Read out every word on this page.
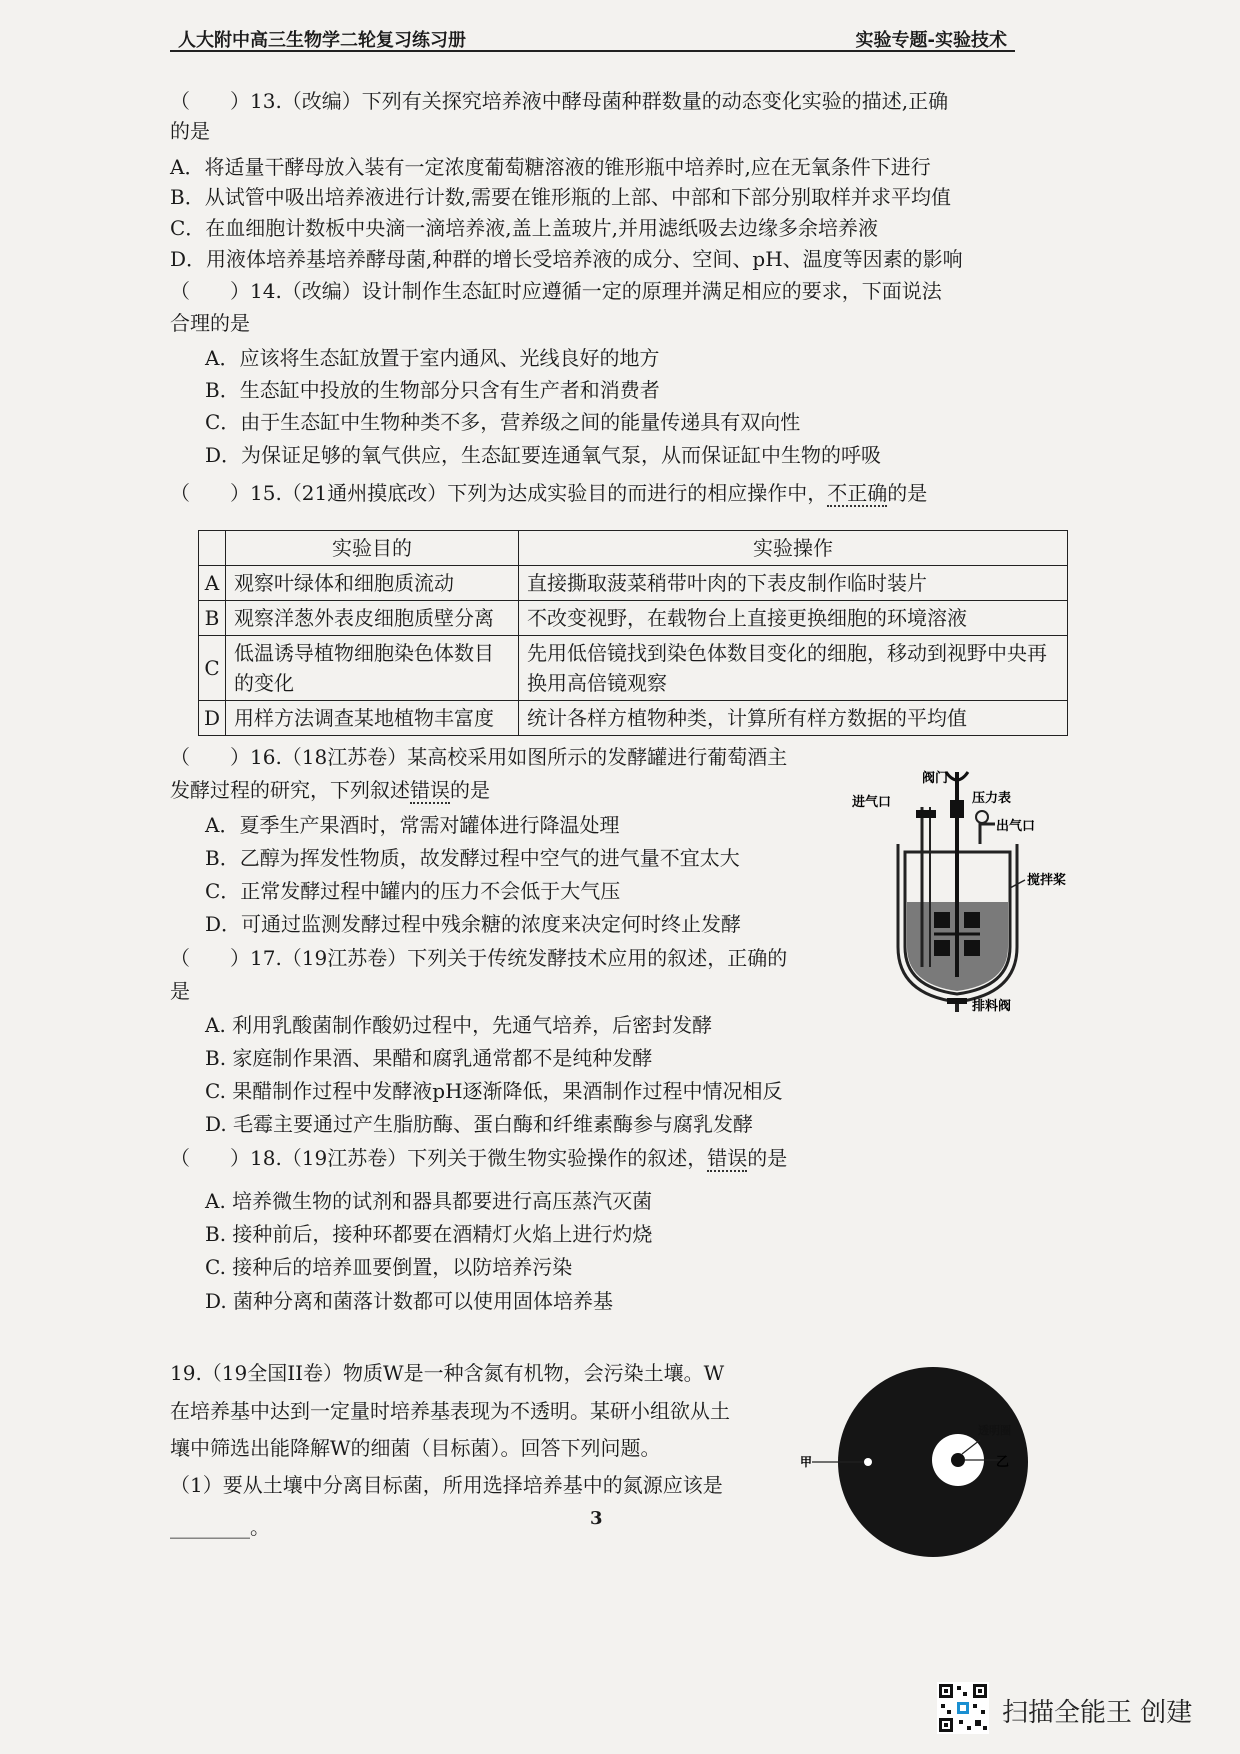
人大附中高三生物学二轮复习练习册	实验专题-实验技术
（　　）13.（改编）下列有关探究培养液中酵母菌种群数量的动态变化实验的描述,正确
的是
A．将适量干酵母放入装有一定浓度葡萄糖溶液的锥形瓶中培养时,应在无氧条件下进行
B．从试管中吸出培养液进行计数,需要在锥形瓶的上部、中部和下部分别取样并求平均值
C．在血细胞计数板中央滴一滴培养液,盖上盖玻片,并用滤纸吸去边缘多余培养液
D．用液体培养基培养酵母菌,种群的增长受培养液的成分、空间、pH、温度等因素的影响
（　　）14.（改编）设计制作生态缸时应遵循一定的原理并满足相应的要求，下面说法
合理的是
A．应该将生态缸放置于室内通风、光线良好的地方
B．生态缸中投放的生物部分只含有生产者和消费者
C．由于生态缸中生物种类不多，营养级之间的能量传递具有双向性
D．为保证足够的氧气供应，生态缸要连通氧气泵，从而保证缸中生物的呼吸
（　　）15.（21通州摸底改）下列为达成实验目的而进行的相应操作中，不正确的是
	实验目的	实验操作
A	观察叶绿体和细胞质流动	直接撕取菠菜稍带叶肉的下表皮制作临时装片
B	观察洋葱外表皮细胞质壁分离	不改变视野，在载物台上直接更换细胞的环境溶液
C	低温诱导植物细胞染色体数目的变化	先用低倍镜找到染色体数目变化的细胞，移动到视野中央再换用高倍镜观察
D	用样方法调查某地植物丰富度	统计各样方植物种类，计算所有样方数据的平均值
（　　）16.（18江苏卷）某高校采用如图所示的发酵罐进行葡萄酒主
发酵过程的研究，下列叙述错误的是
A．夏季生产果酒时，常需对罐体进行降温处理
B．乙醇为挥发性物质，故发酵过程中空气的进气量不宜太大
C．正常发酵过程中罐内的压力不会低于大气压
D．可通过监测发酵过程中残余糖的浓度来决定何时终止发酵
阀门
进气口	压力表
出气口
搅拌桨
排料阀
（　　）17.（19江苏卷）下列关于传统发酵技术应用的叙述，正确的
是
A. 利用乳酸菌制作酸奶过程中，先通气培养，后密封发酵
B. 家庭制作果酒、果醋和腐乳通常都不是纯种发酵
C. 果醋制作过程中发酵液pH逐渐降低，果酒制作过程中情况相反
D. 毛霉主要通过产生脂肪酶、蛋白酶和纤维素酶参与腐乳发酵
（　　）18.（19江苏卷）下列关于微生物实验操作的叙述，错误的是
A. 培养微生物的试剂和器具都要进行高压蒸汽灭菌
B. 接种前后，接种环都要在酒精灯火焰上进行灼烧
C. 接种后的培养皿要倒置，以防培养污染
D. 菌种分离和菌落计数都可以使用固体培养基
19.（19全国II卷）物质W是一种含氮有机物，会污染土壤。W
在培养基中达到一定量时培养基表现为不透明。某研小组欲从土
壤中筛选出能降解W的细菌（目标菌）。回答下列问题。
（1）要从土壤中分离目标菌，所用选择培养基中的氮源应该是
________。
透明圈
甲	乙
3
扫描全能王 创建
